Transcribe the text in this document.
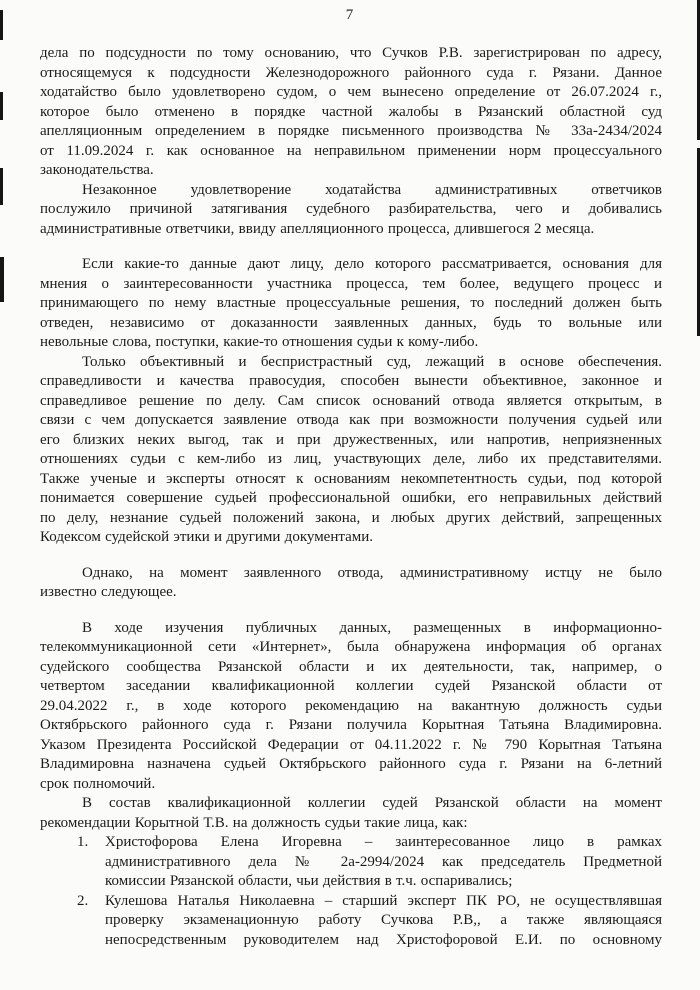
7
дела по подсудности по тому основанию, что Сучков Р.В. зарегистрирован по адресу,
относящемуся к подсудности Железнодорожного районного суда г. Рязани. Данное
ходатайство было удовлетворено судом, о чем вынесено определение от 26.07.2024 г.,
которое было отменено в порядке частной жалобы в Рязанский областной суд
апелляционным определением в порядке письменного производства № 33а-2434/2024
от 11.09.2024 г. как основанное на неправильном применении норм процессуального
законодательства.
Незаконное удовлетворение ходатайства административных ответчиков
послужило причиной затягивания судебного разбирательства, чего и добивались
административные ответчики, ввиду апелляционного процесса, длившегося 2 месяца.
Если какие-то данные дают лицу, дело которого рассматривается, основания для
мнения о заинтересованности участника процесса, тем более, ведущего процесс и
принимающего по нему властные процессуальные решения, то последний должен быть
отведен, независимо от доказанности заявленных данных, будь то вольные или
невольные слова, поступки, какие-то отношения судьи к кому-либо.
Только объективный и беспристрастный суд, лежащий в основе обеспечения.
справедливости и качества правосудия, способен вынести объективное, законное и
справедливое решение по делу. Сам список оснований отвода является открытым, в
связи с чем допускается заявление отвода как при возможности получения судьей или
его близких неких выгод, так и при дружественных, или напротив, неприязненных
отношениях судьи с кем-либо из лиц, участвующих деле, либо их представителями.
Также ученые и эксперты относят к основаниям некомпетентность судьи, под которой
понимается совершение судьей профессиональной ошибки, его неправильных действий
по делу, незнание судьей положений закона, и любых других действий, запрещенных
Кодексом судейской этики и другими документами.
Однако, на момент заявленного отвода, административному истцу не было
известно следующее.
В ходе изучения публичных данных, размещенных в информационно-
телекоммуникационной сети «Интернет», была обнаружена информация об органах
судейского сообщества Рязанской области и их деятельности, так, например, о
четвертом заседании квалификационной коллегии судей Рязанской области от
29.04.2022 г., в ходе которого рекомендацию на вакантную должность судьи
Октябрьского районного суда г. Рязани получила Корытная Татьяна Владимировна.
Указом Президента Российской Федерации от 04.11.2022 г. № 790 Корытная Татьяна
Владимировна назначена судьей Октябрьского районного суда г. Рязани на 6-летний
срок полномочий.
В состав квалификационной коллегии судей Рязанской области на момент
рекомендации Корытной Т.В. на должность судьи такие лица, как:
1. Христофорова Елена Игоревна – заинтересованное лицо в рамках
административного дела № 2а-2994/2024 как председатель Предметной
комиссии Рязанской области, чьи действия в т.ч. оспаривались;
2. Кулешова Наталья Николаевна – старший эксперт ПК РО, не осуществлявшая
проверку экзаменационную работу Сучкова Р.В,, а также являющаяся
непосредственным руководителем над Христофоровой Е.И. по основному
